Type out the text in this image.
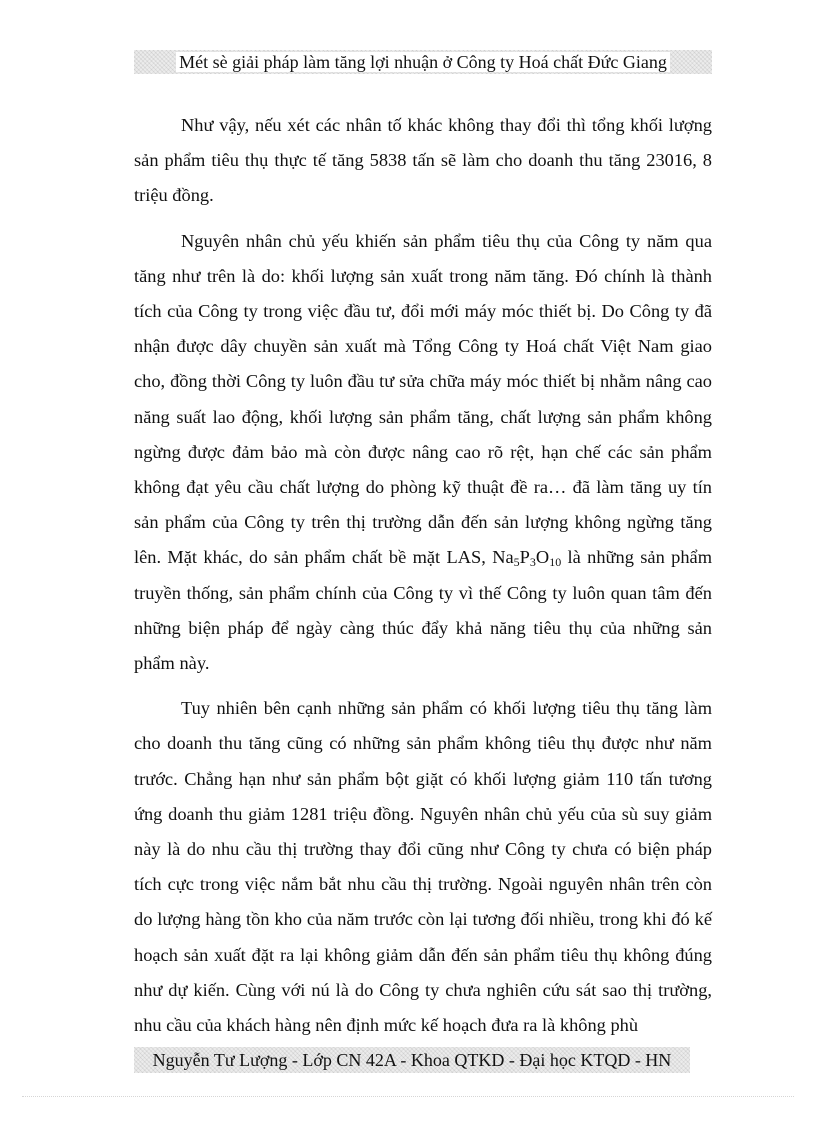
Mét sè giải pháp làm tăng lợi nhuận ở Công ty Hoá chất Đức Giang

Như vậy, nếu xét các nhân tố khác không thay đổi thì tổng khối lượng sản phẩm tiêu thụ thực tế tăng 5838 tấn sẽ làm cho doanh thu tăng 23016, 8 triệu đồng.

Nguyên nhân chủ yếu khiến sản phẩm tiêu thụ của Công ty năm qua tăng như trên là do: khối lượng sản xuất trong năm tăng. Đó chính là thành tích của Công ty trong việc đầu tư, đổi mới máy móc thiết bị. Do Công ty đã nhận được dây chuyền sản xuất mà Tổng Công ty Hoá chất Việt Nam giao cho, đồng thời Công ty luôn đầu tư sửa chữa máy móc thiết bị nhằm nâng cao năng suất lao động, khối lượng sản phẩm tăng, chất lượng sản phẩm không ngừng được đảm bảo mà còn được nâng cao rõ rệt, hạn chế các sản phẩm không đạt yêu cầu chất lượng do phòng kỹ thuật đề ra… đã làm tăng uy tín sản phẩm của Công ty trên thị trường dẫn đến sản lượng không ngừng tăng lên. Mặt khác, do sản phẩm chất bề mặt LAS, $Na_5P_3O_{10}$ là những sản phẩm truyền thống, sản phẩm chính của Công ty vì thế Công ty luôn quan tâm đến những biện pháp để ngày càng thúc đẩy khả năng tiêu thụ của những sản phẩm này.

Tuy nhiên bên cạnh những sản phẩm có khối lượng tiêu thụ tăng làm cho doanh thu tăng cũng có những sản phẩm không tiêu thụ được như năm trước. Chẳng hạn như sản phẩm bột giặt có khối lượng giảm 110 tấn tương ứng doanh thu giảm 1281 triệu đồng. Nguyên nhân chủ yếu của sù suy giảm này là do nhu cầu thị trường thay đổi cũng như Công ty chưa có biện pháp tích cực trong việc nắm bắt nhu cầu thị trường. Ngoài nguyên nhân trên còn do lượng hàng tồn kho của năm trước còn lại tương đối nhiều, trong khi đó kế hoạch sản xuất đặt ra lại không giảm dẫn đến sản phẩm tiêu thụ không đúng như dự kiến. Cùng với nú là do Công ty chưa nghiên cứu sát sao thị trường, nhu cầu của khách hàng nên định mức kế hoạch đưa ra là không phù

Nguyễn Tư Lượng - Lớp CN 42A - Khoa QTKD - Đại học KTQD - HN
